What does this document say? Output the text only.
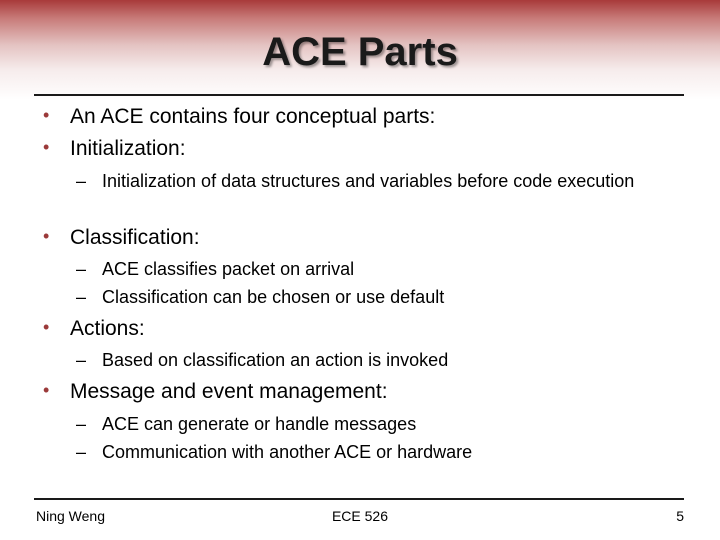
ACE Parts
• An ACE contains four conceptual parts:
• Initialization:
– Initialization of data structures and variables before code execution
• Classification:
– ACE classifies packet on arrival
– Classification can be chosen or use default
• Actions:
– Based on classification an action is invoked
• Message and event management:
– ACE can generate or handle messages
– Communication with another ACE or hardware
Ning Weng	ECE 526	5
